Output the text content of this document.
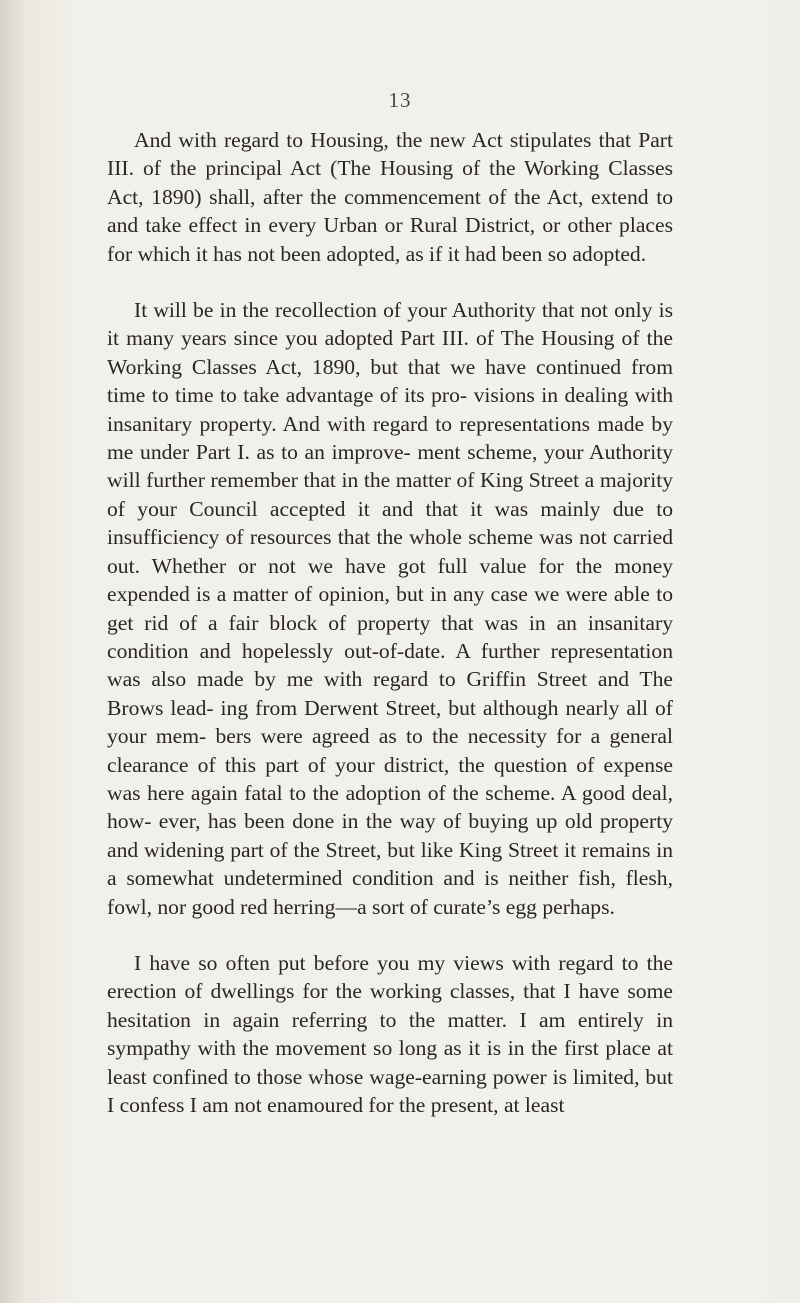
13

And with regard to Housing, the new Act stipulates that Part III. of the principal Act (The Housing of the Working Classes Act, 1890) shall, after the commencement of the Act, extend to and take effect in every Urban or Rural District, or other places for which it has not been adopted, as if it had been so adopted.

It will be in the recollection of your Authority that not only is it many years since you adopted Part III. of The Housing of the Working Classes Act, 1890, but that we have continued from time to time to take advantage of its pro- visions in dealing with insanitary property. And with regard to representations made by me under Part I. as to an improve- ment scheme, your Authority will further remember that in the matter of King Street a majority of your Council accepted it and that it was mainly due to insufficiency of resources that the whole scheme was not carried out. Whether or not we have got full value for the money expended is a matter of opinion, but in any case we were able to get rid of a fair block of property that was in an insanitary condition and hopelessly out-of-date. A further representation was also made by me with regard to Griffin Street and The Brows lead- ing from Derwent Street, but although nearly all of your mem- bers were agreed as to the necessity for a general clearance of this part of your district, the question of expense was here again fatal to the adoption of the scheme. A good deal, how- ever, has been done in the way of buying up old property and widening part of the Street, but like King Street it remains in a somewhat undetermined condition and is neither fish, flesh, fowl, nor good red herring—a sort of curate’s egg perhaps.

I have so often put before you my views with regard to the erection of dwellings for the working classes, that I have some hesitation in again referring to the matter. I am entirely in sympathy with the movement so long as it is in the first place at least confined to those whose wage-earning power is limited, but I confess I am not enamoured for the present, at least
